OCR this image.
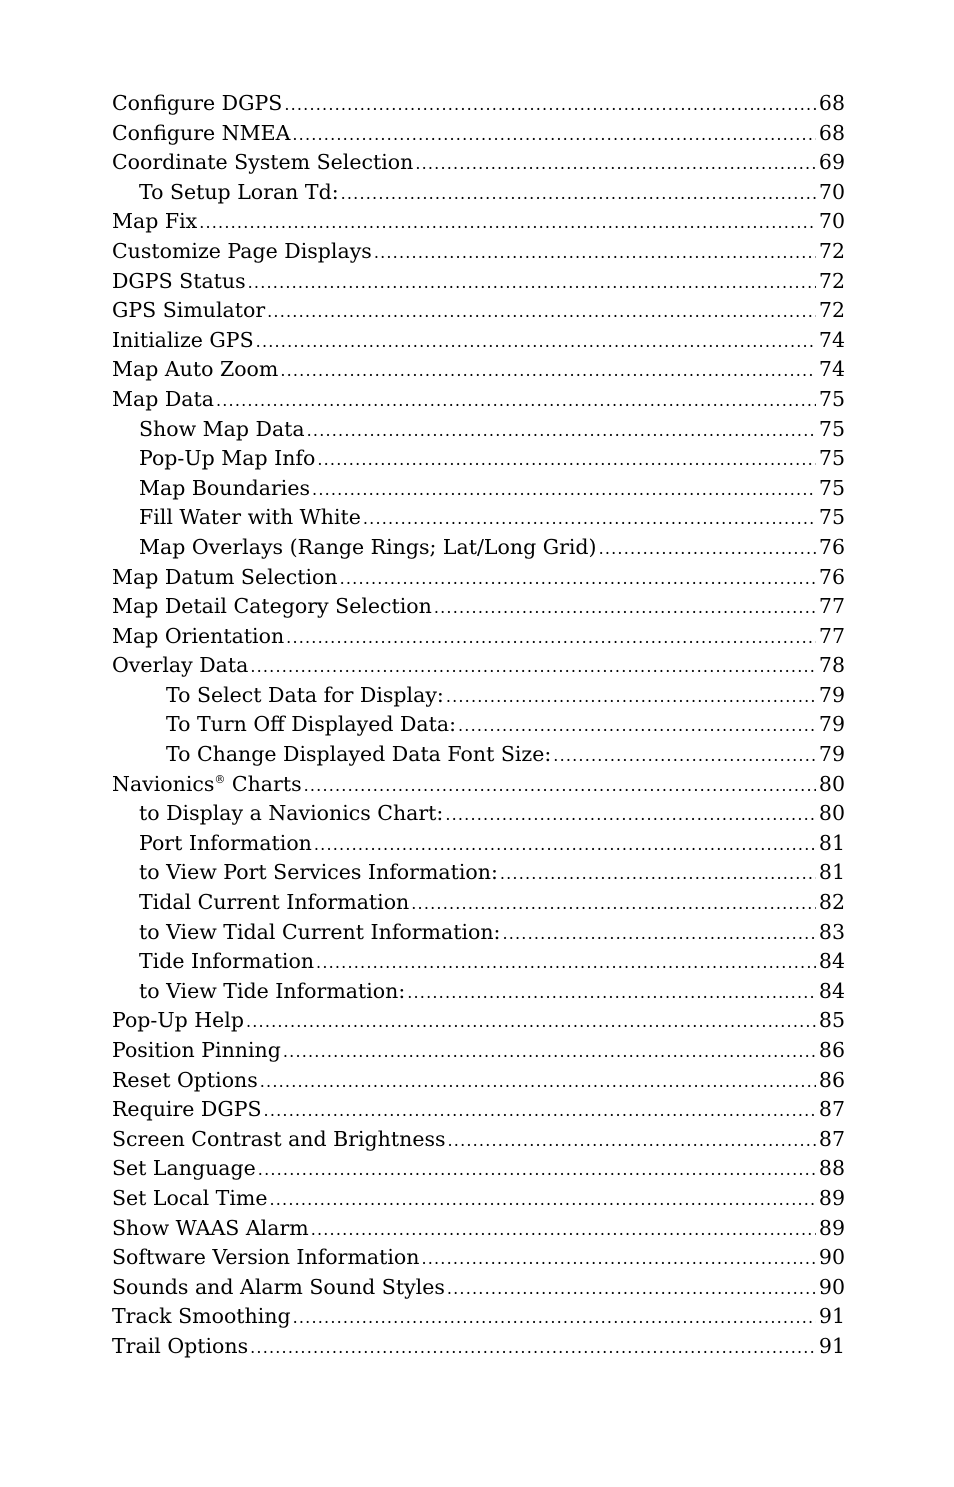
Configure DGPS .....	68
Configure NMEA .....	68
Coordinate System Selection .....	69
To Setup Loran Td: .....	70
Map Fix .....	70
Customize Page Displays .....	72
DGPS Status .....	72
GPS Simulator .....	72
Initialize GPS .....	74
Map Auto Zoom .....	74
Map Data .....	75
Show Map Data .....	75
Pop-Up Map Info .....	75
Map Boundaries .....	75
Fill Water with White .....	75
Map Overlays (Range Rings; Lat/Long Grid) .....	76
Map Datum Selection .....	76
Map Detail Category Selection .....	77
Map Orientation .....	77
Overlay Data .....	78
To Select Data for Display: .....	79
To Turn Off Displayed Data: .....	79
To Change Displayed Data Font Size: .....	79
Navionics® Charts .....	80
to Display a Navionics Chart: .....	80
Port Information .....	81
to View Port Services Information: .....	81
Tidal Current Information .....	82
to View Tidal Current Information: .....	83
Tide Information .....	84
to View Tide Information: .....	84
Pop-Up Help .....	85
Position Pinning .....	86
Reset Options .....	86
Require DGPS .....	87
Screen Contrast and Brightness .....	87
Set Language .....	88
Set Local Time .....	89
Show WAAS Alarm .....	89
Software Version Information .....	90
Sounds and Alarm Sound Styles .....	90
Track Smoothing .....	91
Trail Options .....	91
